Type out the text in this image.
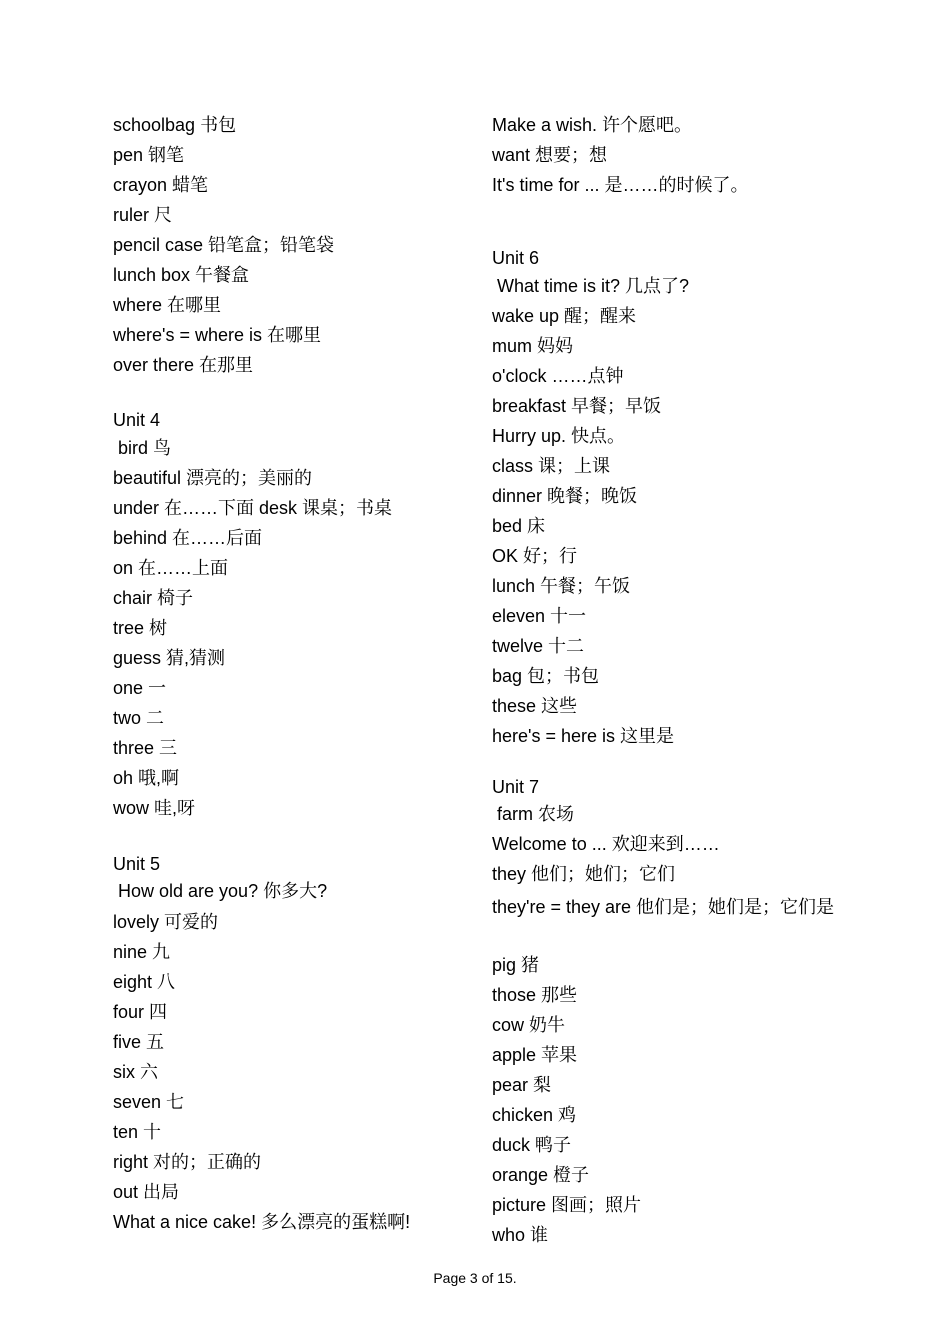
schoolbag 书包
pen 钢笔
crayon 蜡笔
ruler 尺
pencil case 铅笔盒；铅笔袋
lunch box 午餐盒
where 在哪里
where's = where is 在哪里
over there 在那里
Unit 4
bird 鸟
beautiful 漂亮的；美丽的
under 在……下面 desk 课桌；书桌
behind 在……后面
on 在……上面
chair 椅子
tree 树
guess 猜,猜测
one 一
two 二
three 三
oh 哦,啊
wow 哇,呀
Unit 5
How old are you? 你多大?
lovely 可爱的
nine 九
eight 八
four 四
five 五
six 六
seven 七
ten 十
right 对的；正确的
out 出局
What a nice cake! 多么漂亮的蛋糕啊!
Make a wish. 许个愿吧。
want 想要；想
It's time for ... 是……的时候了。
Unit 6
What time is it? 几点了?
wake up 醒；醒来
mum 妈妈
o'clock ……点钟
breakfast 早餐；早饭
Hurry up. 快点。
class 课；上课
dinner 晚餐；晚饭
bed 床
OK 好；行
lunch 午餐；午饭
eleven 十一
twelve 十二
bag 包；书包
these 这些
here's = here is 这里是
Unit 7
farm 农场
Welcome to ... 欢迎来到……
they 他们；她们；它们
they're = they are 他们是；她们是；它们是
pig 猪
those 那些
cow 奶牛
apple 苹果
pear 梨
chicken 鸡
duck 鸭子
orange 橙子
picture 图画；照片
who 谁
Page 3 of 15.
